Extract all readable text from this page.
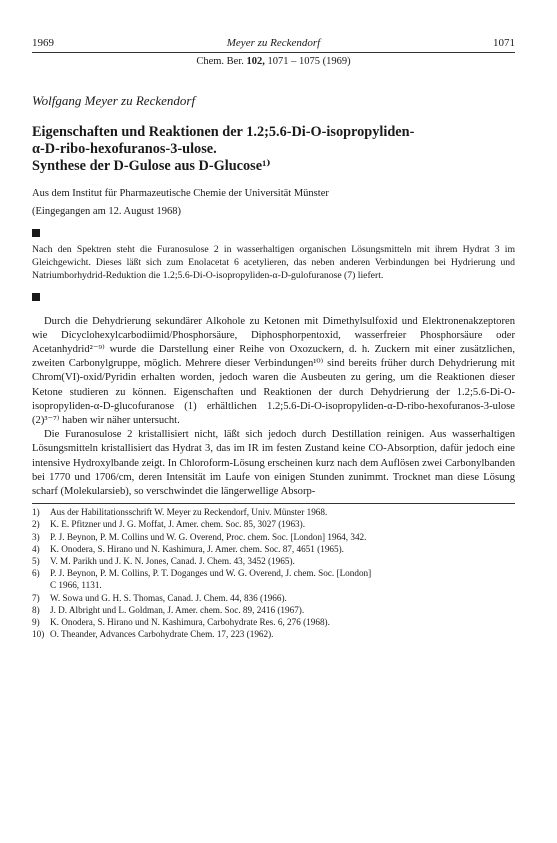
1969	Meyer zu Reckendorf	1071
Chem. Ber. 102, 1071 – 1075 (1969)
Wolfgang Meyer zu Reckendorf
Eigenschaften und Reaktionen der 1.2;5.6-Di-O-isopropyliden-
α-D-ribo-hexofuranos-3-ulose.
Synthese der D-Gulose aus D-Glucose¹⁾
Aus dem Institut für Pharmazeutische Chemie der Universität Münster
(Eingegangen am 12. August 1968)
Nach den Spektren steht die Furanosulose 2 in wasserhaltigen organischen Lösungsmitteln mit ihrem Hydrat 3 im Gleichgewicht. Dieses läßt sich zum Enolacetat 6 acetylieren, das neben anderen Verbindungen bei Hydrierung und Natriumborhydrid-Reduktion die 1.2;5.6-Di-O-isopropyliden-α-D-gulofuranose (7) liefert.

Durch die Dehydrierung sekundärer Alkohole zu Ketonen mit Dimethylsulfoxid und Elektronenakzeptoren wie Dicyclohexylcarbodiimid/Phosphorsäure, Diphosphorpentoxid, wasserfreier Phosphorsäure oder Acetanhydrid²⁻⁹⁾ wurde die Darstellung einer Reihe von Oxozuckern, d. h. Zuckern mit einer zusätzlichen, zweiten Carbonylgruppe, möglich. Mehrere dieser Verbindungen¹⁰⁾ sind bereits früher durch Dehydrierung mit Chrom(VI)-oxid/Pyridin erhalten worden, jedoch waren die Ausbeuten zu gering, um die Reaktionen dieser Ketone studieren zu können. Eigenschaften und Reaktionen der durch Dehydrierung der 1.2;5.6-Di-O-isopropyliden-α-D-glucofuranose (1) erhältlichen 1.2;5.6-Di-O-isopropyliden-α-D-ribo-hexofuranos-3-ulose (2)³⁻⁷⁾ haben wir näher untersucht.

Die Furanosulose 2 kristallisiert nicht, läßt sich jedoch durch Destillation reinigen. Aus wasserhaltigen Lösungsmitteln kristallisiert das Hydrat 3, das im IR im festen Zustand keine CO-Absorption, dafür jedoch eine intensive Hydroxylbande zeigt. In Chloroform-Lösung erscheinen kurz nach dem Auflösen zwei Carbonylbanden bei 1770 und 1706/cm, deren Intensität im Laufe von einigen Stunden zunimmt. Trocknet man diese Lösung scharf (Molekularsieb), so verschwindet die längerwellige Absorp-

1)	Aus der Habilitationsschrift W. Meyer zu Reckendorf, Univ. Münster 1968.
2)	K. E. Pfitzner und J. G. Moffat, J. Amer. chem. Soc. 85, 3027 (1963).
3)	P. J. Beynon, P. M. Collins und W. G. Overend, Proc. chem. Soc. [London] 1964, 342.
4)	K. Onodera, S. Hirano und N. Kashimura, J. Amer. chem. Soc. 87, 4651 (1965).
5)	V. M. Parikh und J. K. N. Jones, Canad. J. Chem. 43, 3452 (1965).
6)	P. J. Beynon, P. M. Collins, P. T. Doganges und W. G. Overend, J. chem. Soc. [London]
C 1966, 1131.
7)	W. Sowa und G. H. S. Thomas, Canad. J. Chem. 44, 836 (1966).
8)	J. D. Albright und L. Goldman, J. Amer. chem. Soc. 89, 2416 (1967).
9)	K. Onodera, S. Hirano und N. Kashimura, Carbohydrate Res. 6, 276 (1968).
10) O. Theander, Advances Carbohydrate Chem. 17, 223 (1962).
